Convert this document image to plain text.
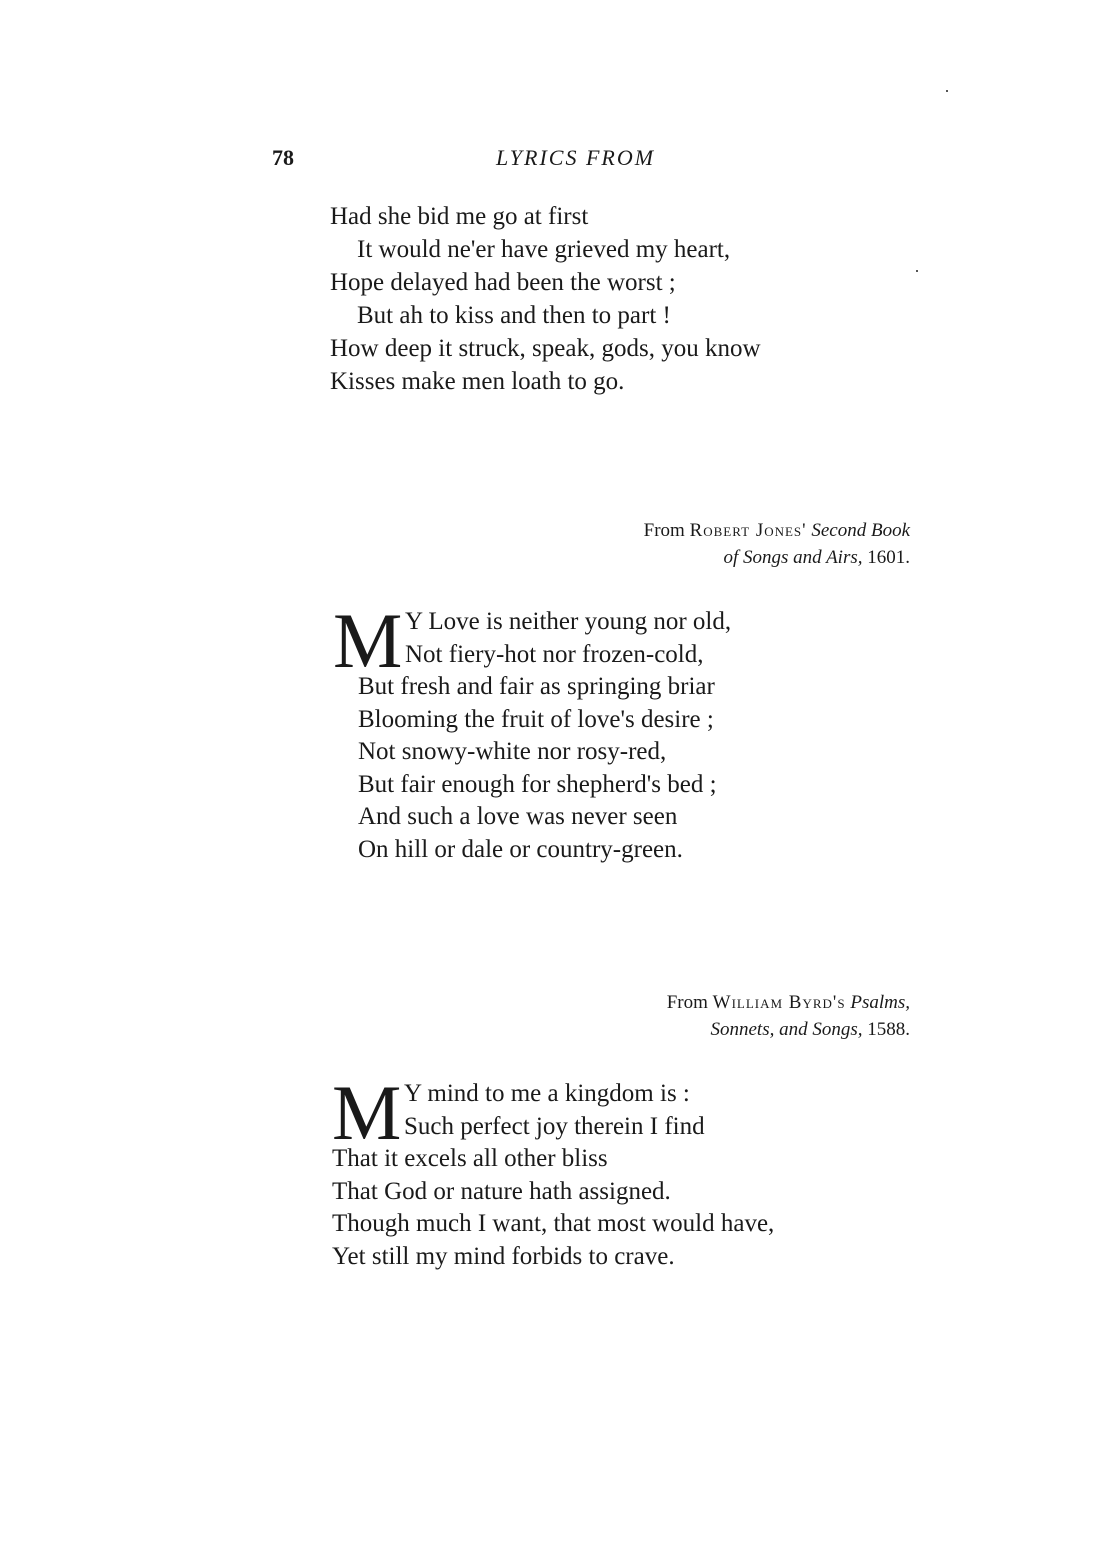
78	LYRICS FROM
Had she bid me go at first
It would ne'er have grieved my heart,
Hope delayed had been the worst ;
But ah to kiss and then to part !
How deep it struck, speak, gods, you know
Kisses make men loath to go.
From Robert Jones' Second Book
of Songs and Airs, 1601.
M Y Love is neither young nor old,
Not fiery-hot nor frozen-cold,
But fresh and fair as springing briar
Blooming the fruit of love's desire ;
Not snowy-white nor rosy-red,
But fair enough for shepherd's bed ;
And such a love was never seen
On hill or dale or country-green.
From William Byrd's Psalms,
Sonnets, and Songs, 1588.
M Y mind to me a kingdom is :
Such perfect joy therein I find
That it excels all other bliss
That God or nature hath assigned.
Though much I want, that most would have,
Yet still my mind forbids to crave.
